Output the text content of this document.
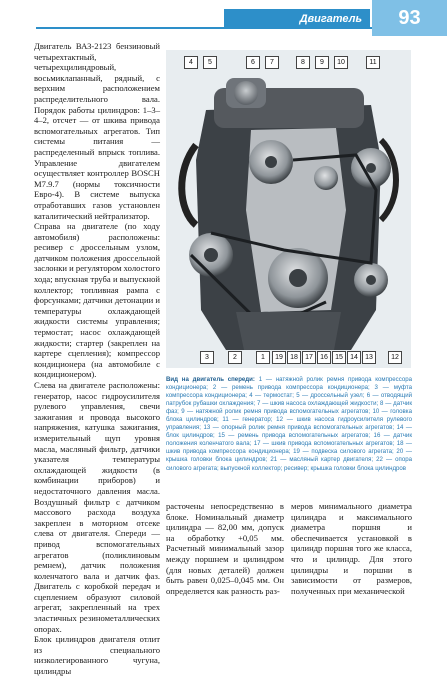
Двигатель	93

Двигатель ВАЗ-2123 бензиновый четырехтактный, четырехцилиндровый, восьмиклапанный, рядный, с верхним расположением распределительного вала. Порядок работы цилиндров: 1–3–4–2, отсчет — от шкива привода вспомогательных агрегатов. Тип системы питания — распределенный впрыск топлива. Управление двигателем осуществляет контроллер BOSCH M7.9.7 (нормы токсичности Евро-4). В системе выпуска отработавших газов установлен каталитический нейтрализатор.

Справа на двигателе (по ходу автомобиля) расположены: ресивер с дроссельным узлом, датчиком положения дроссельной заслонки и регулятором холостого хода; впускная труба и выпускной коллектор; топливная рампа с форсунками; датчики детонации и температуры охлаждающей жидкости системы управления; термостат; насос охлаждающей жидкости; стартер (закреплен на картере сцепления); компрессор кондиционера (на автомобиле с кондиционером).

Слева на двигателе расположены: генератор, насос гидроусилителя рулевого управления, свечи зажигания и провода высокого напряжения, катушка зажигания, измерительный щуп уровня масла, масляный фильтр, датчики указателя температуры охлаждающей жидкости (в комбинации приборов) и недостаточного давления масла. Воздушный фильтр с датчиком массового расхода воздуха закреплен в моторном отсеке слева от двигателя. Спереди — привод вспомогательных агрегатов (поликлиновым ремнем), датчик положения коленчатого вала и датчик фаз. Двигатель с коробкой передач и сцеплением образуют силовой агрегат, закрепленный на трех эластичных резинометаллических опорах.

Блок цилиндров двигателя отлит из специального низколегированного чугуна, цилиндры

4	5	6	7	8	9	10	11
3	2	1	19	18	17	16	15	14	13	12
Вид на двигатель спереди: 1 — натяжной ролик ремня привода компрессора кондиционера; 2 — ремень привода компрессора кондиционера; 3 — муфта компрессора кондиционера; 4 — термостат; 5 — дроссельный узел; 6 — отводящий патрубок рубашки охлаждения; 7 — шкив насоса охлаждающей жидкости; 8 — датчик фаз; 9 — натяжной ролик ремня привода вспомогательных агрегатов; 10 — головка блока цилиндров; 11 — генератор; 12 — шкив насоса гидроусилителя рулевого управления; 13 — опорный ролик ремня привода вспомогательных агрегатов; 14 — блок цилиндров; 15 — ремень привода вспомогательных агрегатов; 16 — датчик положения коленчатого вала; 17 — шкив привода вспомогательных агрегатов; 18 — шкив привода компрессора кондиционера; 19 — подвеска силового агрегата; 20 — крышка головки блока цилиндров; 21 — масляный картер двигателя; 22 — опора силового агрегата; выпускной коллектор; ресивер; крышка головки блока цилиндров

расточены непосредственно в блоке. Номинальный диаметр цилиндра — 82,00 мм, допуск на обработку +0,05 мм. Расчетный минимальный зазор между поршнем и цилиндром (для новых деталей) должен быть равен 0,025–0,045 мм. Он определяется как разность раз-

меров минимального диаметра цилиндра и максимального диаметра поршня и обеспечивается установкой в цилиндр поршня того же класса, что и цилиндр. Для этого цилиндры и поршни в зависимости от размеров, полученных при механической
